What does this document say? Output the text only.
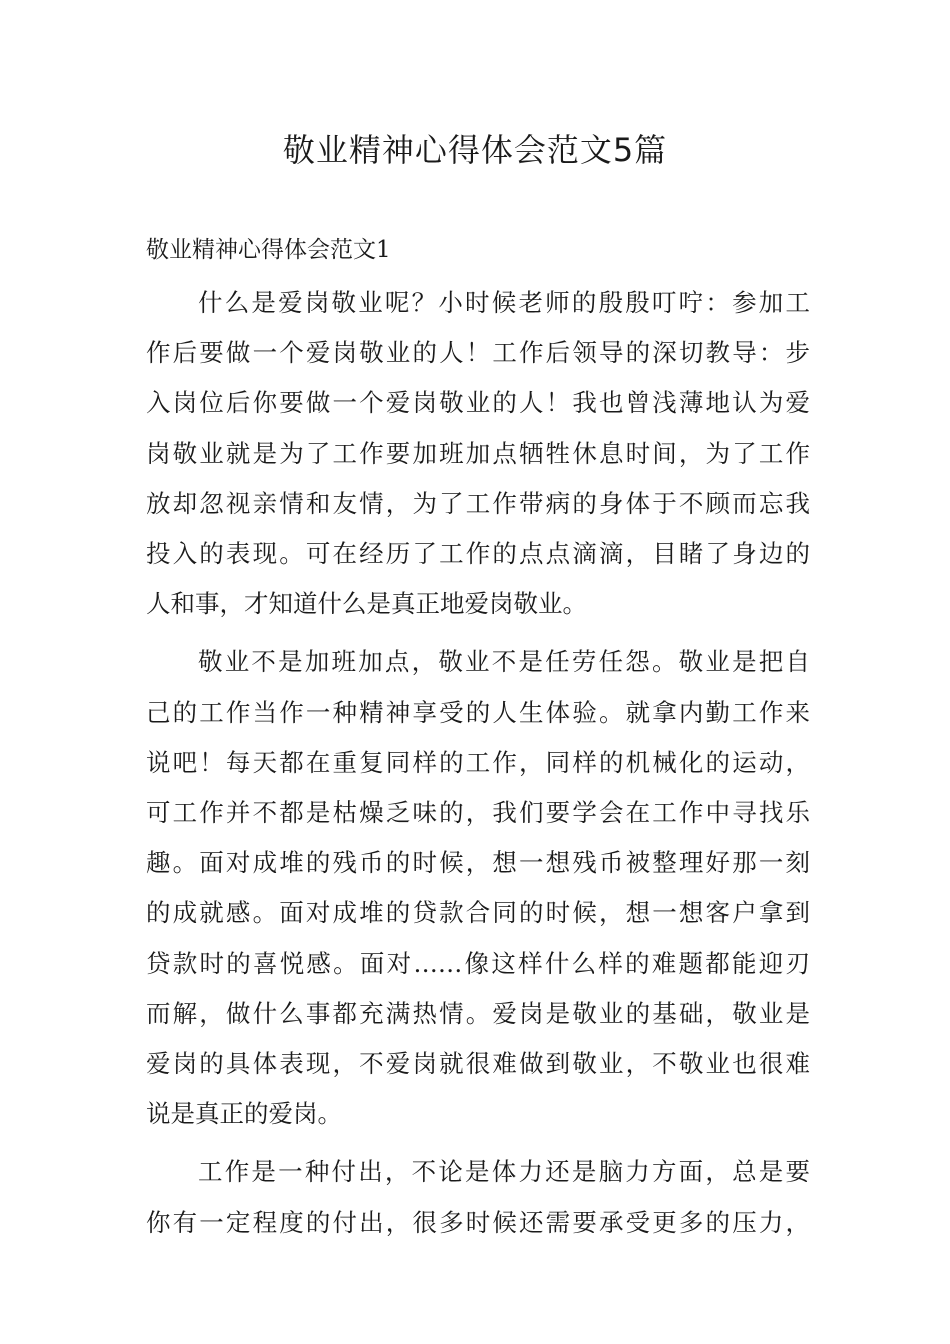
敬业精神心得体会范文5篇
敬业精神心得体会范文1

什么是爱岗敬业呢？小时候老师的殷殷叮咛：参加工
作后要做一个爱岗敬业的人！工作后领导的深切教导：步
入岗位后你要做一个爱岗敬业的人！我也曾浅薄地认为爱
岗敬业就是为了工作要加班加点牺牲休息时间，为了工作
放却忽视亲情和友情，为了工作带病的身体于不顾而忘我
投入的表现。可在经历了工作的点点滴滴，目睹了身边的
人和事，才知道什么是真正地爱岗敬业。

敬业不是加班加点，敬业不是任劳任怨。敬业是把自
己的工作当作一种精神享受的人生体验。就拿内勤工作来
说吧！每天都在重复同样的工作，同样的机械化的运动，
可工作并不都是枯燥乏味的，我们要学会在工作中寻找乐
趣。面对成堆的残币的时候，想一想残币被整理好那一刻
的成就感。面对成堆的贷款合同的时候，想一想客户拿到
贷款时的喜悦感。面对……像这样什么样的难题都能迎刃
而解，做什么事都充满热情。爱岗是敬业的基础，敬业是
爱岗的具体表现，不爱岗就很难做到敬业，不敬业也很难
说是真正的爱岗。

工作是一种付出，不论是体力还是脑力方面，总是要
你有一定程度的付出，很多时候还需要承受更多的压力，
